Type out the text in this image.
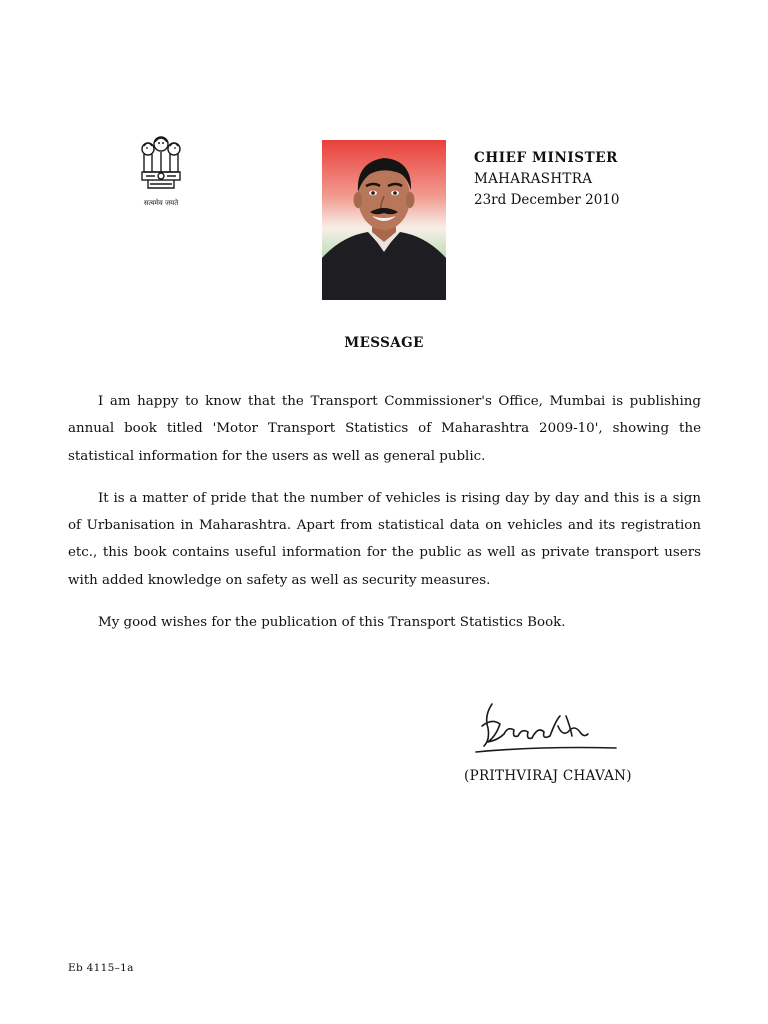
सत्यमेव जयते
CHIEF MINISTER
MAHARASHTRA
23rd December 2010
MESSAGE

I am happy to know that the Transport Commissioner's Office, Mumbai is publishing annual book titled 'Motor Transport Statistics of Maharashtra 2009-10', showing the statistical information for the users as well as general public.

It is a matter of pride that the number of vehicles is rising day by day and this is a sign of Urbanisation in Maharashtra. Apart from statistical data on vehicles and its registration etc., this book contains useful information for the public as well as private transport users with added knowledge on safety as well as security measures.

My good wishes for the publication of this Transport Statistics Book.

(PRITHVIRAJ CHAVAN)
Eb 4115–1a
